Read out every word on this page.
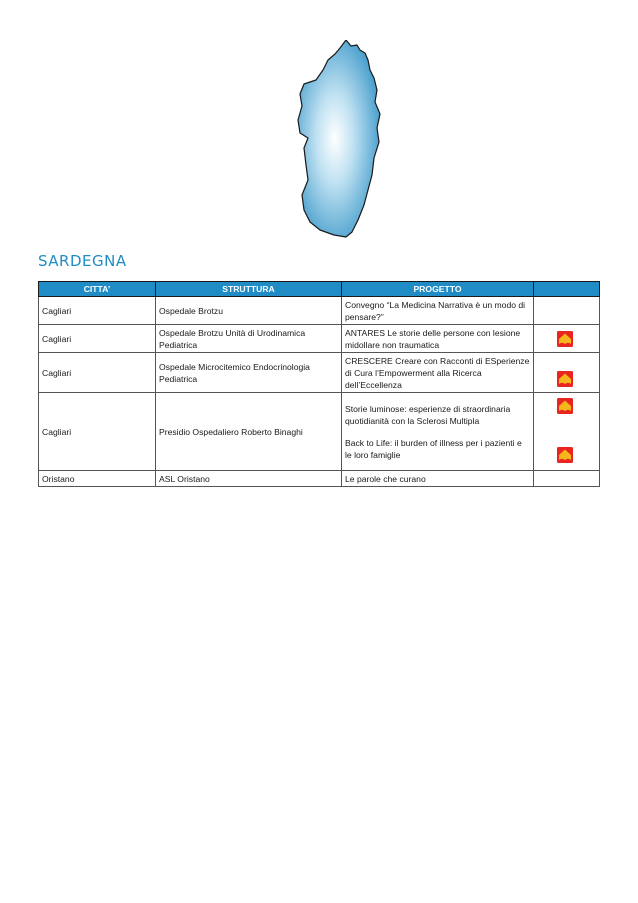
SARDEGNA
CITTA’	STRUTTURA	PROGETTO	
Cagliari	Ospedale Brotzu	Convegno “La Medicina Narrativa è un modo di pensare?”	

Cagliari	Ospedale Brotzu Unità di Urodinamica Pediatrica	ANTARES Le storie delle persone con lesione midollare non traumatica

Cagliari	Ospedale Microcitemico Endocrinologia Pediatrica	CRESCERE Creare con Racconti di ESperienze di Cura l’Empowerment alla Ricerca dell’Eccellenza

Cagliari	Presidio Ospedaliero Roberto Binaghi	Storie luminose: esperienze di straordinaria quotidianità con la Sclerosi Multipla
Back to Life: il burden of illness per i pazienti e le loro famiglie

Oristano	ASL Oristano	Le parole che curano	
